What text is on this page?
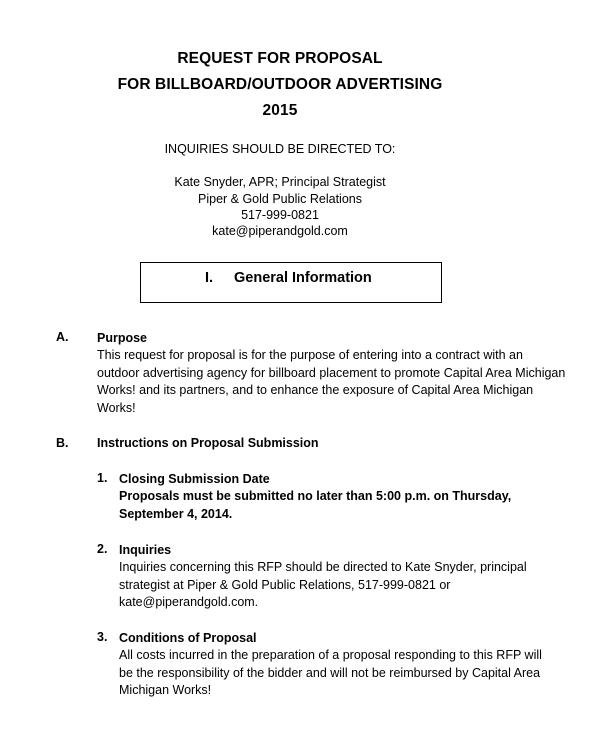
REQUEST FOR PROPOSAL
FOR BILLBOARD/OUTDOOR ADVERTISING
2015
INQUIRIES SHOULD BE DIRECTED TO:
Kate Snyder, APR; Principal Strategist
Piper & Gold Public Relations
517-999-0821
kate@piperandgold.com
I. General Information
A. Purpose
This request for proposal is for the purpose of entering into a contract with an outdoor advertising agency for billboard placement to promote Capital Area Michigan Works! and its partners, and to enhance the exposure of Capital Area Michigan Works!
B. Instructions on Proposal Submission
1. Closing Submission Date
Proposals must be submitted no later than 5:00 p.m. on Thursday, September 4, 2014.
2. Inquiries
Inquiries concerning this RFP should be directed to Kate Snyder, principal strategist at Piper & Gold Public Relations, 517-999-0821 or kate@piperandgold.com.
3. Conditions of Proposal
All costs incurred in the preparation of a proposal responding to this RFP will be the responsibility of the bidder and will not be reimbursed by Capital Area Michigan Works!
